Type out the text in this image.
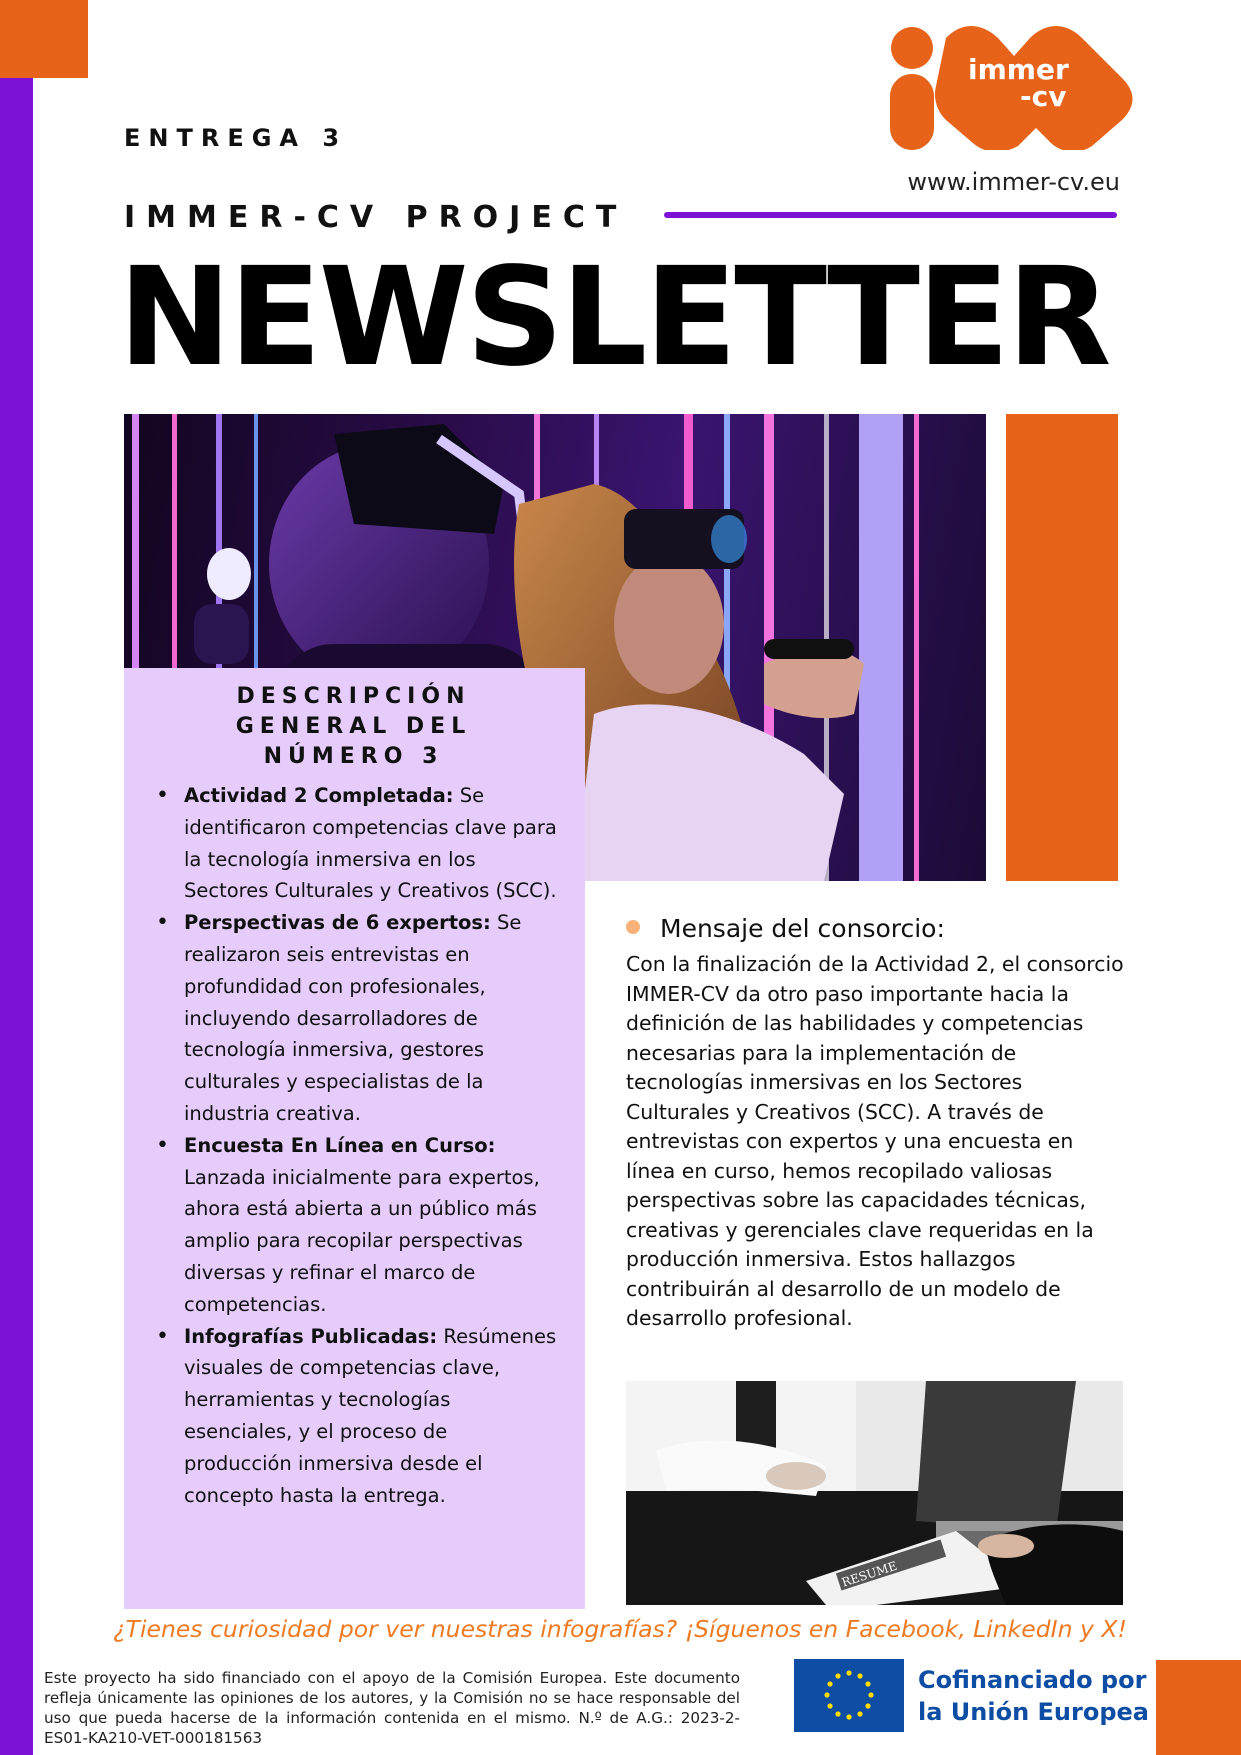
immer
-cv
www.immer-cv.eu
ENTREGA 3
IMMER-CV PROJECT
NEWSLETTER
DESCRIPCIÓN
GENERAL DEL
NÚMERO 3
• Actividad 2 Completada: Se identificaron competencias clave para la tecnología inmersiva en los Sectores Culturales y Creativos (SCC).
• Perspectivas de 6 expertos: Se realizaron seis entrevistas en profundidad con profesionales, incluyendo desarrolladores de tecnología inmersiva, gestores culturales y especialistas de la industria creativa.
• Encuesta En Línea en Curso: Lanzada inicialmente para expertos, ahora está abierta a un público más amplio para recopilar perspectivas diversas y refinar el marco de competencias.
• Infografías Publicadas: Resúmenes visuales de competencias clave, herramientas y tecnologías esenciales, y el proceso de producción inmersiva desde el concepto hasta la entrega.
Mensaje del consorcio:
Con la finalización de la Actividad 2, el consorcio IMMER-CV da otro paso importante hacia la definición de las habilidades y competencias necesarias para la implementación de tecnologías inmersivas en los Sectores Culturales y Creativos (SCC). A través de entrevistas con expertos y una encuesta en línea en curso, hemos recopilado valiosas perspectivas sobre las capacidades técnicas, creativas y gerenciales clave requeridas en la producción inmersiva. Estos hallazgos contribuirán al desarrollo de un modelo de desarrollo profesional.
RESUME
¿Tienes curiosidad por ver nuestras infografías? ¡Síguenos en Facebook, LinkedIn y X!
Este proyecto ha sido financiado con el apoyo de la Comisión Europea. Este documento refleja únicamente las opiniones de los autores, y la Comisión no se hace responsable del uso que pueda hacerse de la información contenida en el mismo. N.º de A.G.: 2023-2-ES01-KA210-VET-000181563
Cofinanciado por
la Unión Europea
